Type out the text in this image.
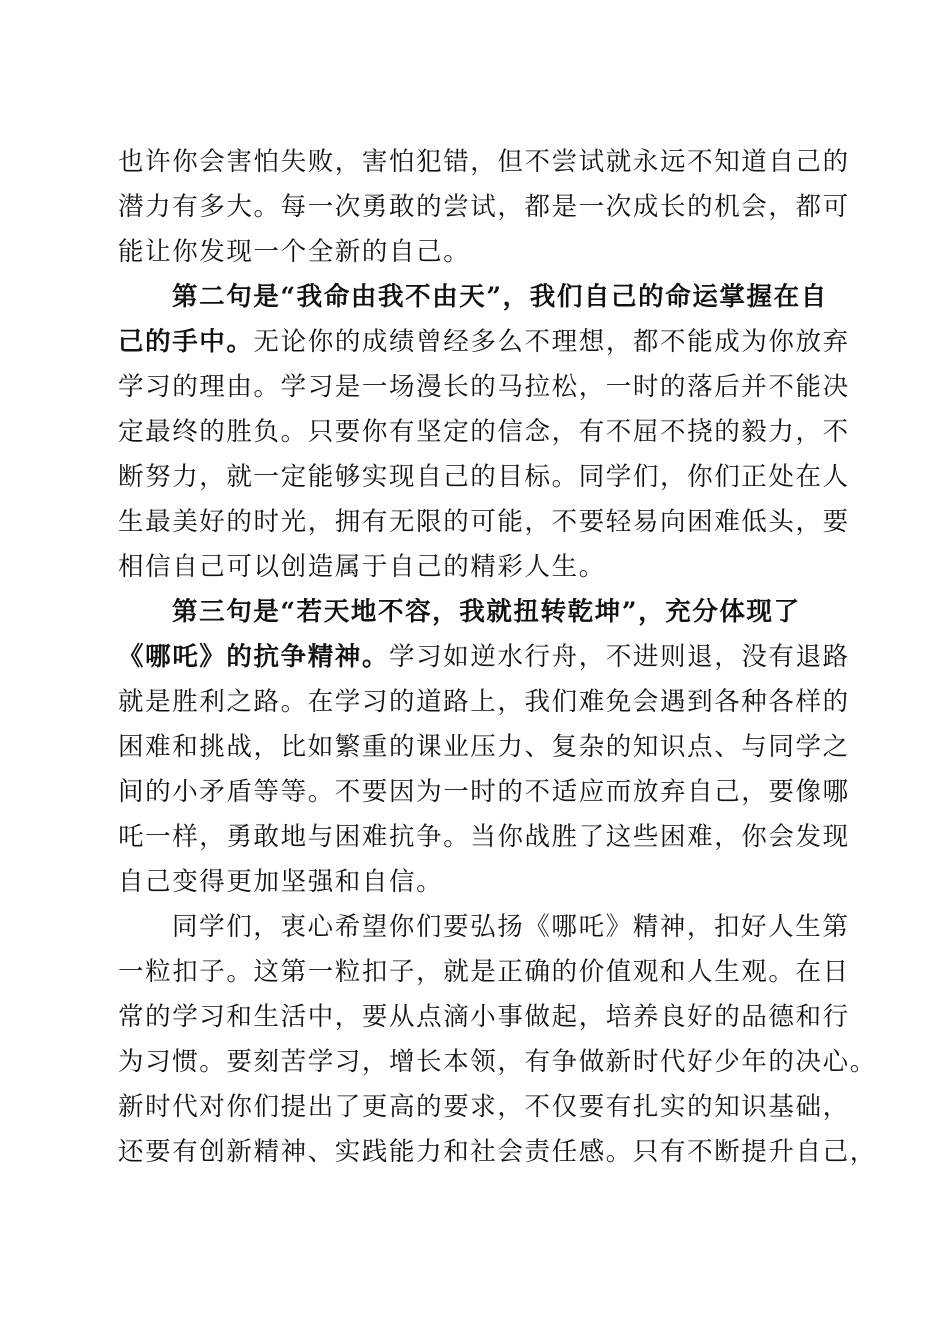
也许你会害怕失败，害怕犯错，但不尝试就永远不知道自己的
潜力有多大。每一次勇敢的尝试，都是一次成长的机会，都可
能让你发现一个全新的自己。
第二句是“我命由我不由天”，我们自己的命运掌握在自
己的手中。无论你的成绩曾经多么不理想，都不能成为你放弃
学习的理由。学习是一场漫长的马拉松，一时的落后并不能决
定最终的胜负。只要你有坚定的信念，有不屈不挠的毅力，不
断努力，就一定能够实现自己的目标。同学们，你们正处在人
生最美好的时光，拥有无限的可能，不要轻易向困难低头，要
相信自己可以创造属于自己的精彩人生。
第三句是“若天地不容，我就扭转乾坤”，充分体现了
《哪吒》的抗争精神。学习如逆水行舟，不进则退，没有退路
就是胜利之路。在学习的道路上，我们难免会遇到各种各样的
困难和挑战，比如繁重的课业压力、复杂的知识点、与同学之
间的小矛盾等等。不要因为一时的不适应而放弃自己，要像哪
吒一样，勇敢地与困难抗争。当你战胜了这些困难，你会发现
自己变得更加坚强和自信。
同学们，衷心希望你们要弘扬《哪吒》精神，扣好人生第
一粒扣子。这第一粒扣子，就是正确的价值观和人生观。在日
常的学习和生活中，要从点滴小事做起，培养良好的品德和行
为习惯。要刻苦学习，增长本领，有争做新时代好少年的决心。
新时代对你们提出了更高的要求，不仅要有扎实的知识基础，
还要有创新精神、实践能力和社会责任感。只有不断提升自己，
